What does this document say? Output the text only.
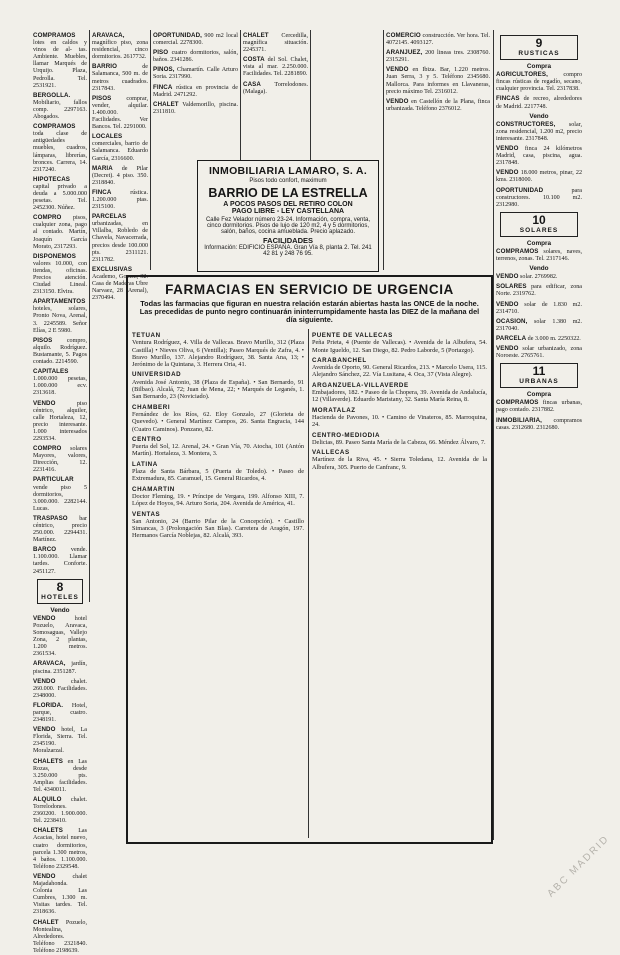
COMPRAMOS lotes en caldos y vinos de al- tas. Ambiente. Muebles, llamar Marqués de Urquijo. Plaza, Pedrolla. Tel. 2531921.

BERGOLLA. Mobiliario, fallos comp. 2297163. Abogados.

COMPRAMOS toda clase de antigüedades muebles, cuadros, lámparas, librerías, bronces. Carrera, 14. 2317240.

HIPOTECAS capital privado a deuda a 5.000.000 pesetas. Tel. 2452300. Núñez.

COMPRO pisos, cualquier zona, pago al contado. Martín, Joaquín García Morato, 2317293.

DISPONEMOS valores 10.000, con tiendas, oficinas. Precios atención. Ciudad Lineal. 2313150. Elvira.

APARTAMENTOS hoteles, solares, Pronto Nova, Arenal, 3. 2245589. Señor Elías, 2 E 5980.

PISOS compro, alquilo. Rodríguez. Bustamante, 5. Pagos contado. 2214590.

CAPITALES 1.000.000 pesetas, 1.000.000 ecv. 2313618.

VENDO piso céntrico, alquiler, calle Hortaleza, 12, precio interesante. 1.000 interesados 2293534.

COMPRO solares Mayores, valores, Dirección, 12. 2231416.

PARTICULAR vende piso 5 dormitorios, 3.000.000. 2282144. Lucas.

TRASPASO bar céntrico, precio 250.000. 2294431. Martínez.

BARCO vende. 1.100.000. Llamar tardes. Conforte. 2451127.

8
HOTELES
Vendo

VENDO hotel Pozuelo, Aravaca, Somosaguas, Vallejo Zona, 2 plantas, 1.200 metros. 2361534.

ARAVACA, jardín, piscina. 2351287.

VENDO chalet. 260.000. Facilidades. 2348000.

FLORIDA. Hotel, parque, cuatro. 2348191.

VENDO hotel, La Florida, Sierra. Tel. 2345190. Moralzarzal.

CHALETS en Las Rozas, desde 3.250.000 pts. Amplias facilidades. Tel. 4340011.

ALQUILO chalet. Torrelodones. 2360200. 1.900.000. Tel. 2238410.

CHALETS Las Acacias, hotel nuevo, cuatro dormitorios, parcela 1.300 metros, 4 baños. 1.100.000. Teléfono 2329548.

VENDO chalet Majadahonda. Colonia Las Cumbres, 1.300 m. Visitas tardes. Tel. 2318636.

CHALET Pozuelo, Montealina, Alrededores. Teléfono 2321840. Teléfono 2198639.

ARAVACA, magnífico piso, zona residencial, cinco dormitorios. 2617732.

BARRIO de Salamanca, 500 m. de metros cuadrados. 2317843.

PISOS comprar, vender, alquilar. 1.400.000. Facilidades. Ver Bancos. Tel. 2291000.

LOCALES comerciales, barrio de Salamanca. Eduardo García, 2316600.

MARIA de Pilar (Decret). 4 piso. 350. 2318840.

FINCA rústica. 1.200.000 ptas. 2315100.

PARCELAS urbanizadas, en Villalba, Robledo de Chavela, Navacerrada, precios desde 100.000 pts. 2311121. 2311782.

EXCLUSIVAS Academo, Gomez, 32. Casa de Maderas Ubre Narvaez, 28 (Arenal), 2370494.

OPORTUNIDAD, 900 m2 local comercial. 2278300.

PISO cuatro dormitorios, salón, baños. 2341286.

PINOS, Chamartín. Calle Arturo Soria. 2317990.

FINCA rústica en provincia de Madrid. 2471292.

CHALET Valdemorillo, piscina. 2311810.

CHALET Cercedilla, magnífica situación. 2245371.

COSTA del Sol. Chalet, vista al mar. 2.250.000. Facilidades. Tel. 2281890.

CASA Torrelodones. (Malaga).

COMERCIO construcción. Ver hora. Tel. 4072145. 4093127.

ARANJUEZ, 200 lineas tres. 2308760. 2315291.

VENDO en Ibiza. Bar, 1.220 metros. Juan Serra, 3 y 5. Teléfono 2345680. Mallorca. Para informes en Llavaneras, precio máximo Tel. 2316012.

VENDO en Castellón de la Plana, finca urbanizada. Teléfono 2376012.

INMOBILIARIA LAMARO, S. A.
Pisos todo confort, maximum
BARRIO DE LA ESTRELLA
A POCOS PASOS DEL RETIRO COLON
PAGO LIBRE - LEY CASTELLANA
Calle Fez Velador número 23-24. Información, compra, venta, cinco dormitorios. Pisos de lujo de 120 m2, 4 y 5 dormitorios, salón, baños, cocina amueblada. Precio aplazado.
FACILIDADES
Información: EDIFICIO ESPAÑA. Gran Vía 8, planta 2. Tel. 241 42 81 y 248 76 95.
FARMACIAS EN SERVICIO DE URGENCIA
Todas las farmacias que figuran en nuestra relación estarán abiertas hasta las ONCE de la noche. Las precedidas de punto negro continuarán ininterrumpidamente hasta las DIEZ de la mañana del día siguiente.
TETUAN
Ventura Rodríguez, 4. Villa de Vallecas. Bravo Murillo, 312 (Plaza Castilla) • Nieves Oliva, 6 (Ventilla); Paseo Marqués de Zafra, 4. • Bravo Murillo, 137. Alejandro Rodríguez, 38. Santa Ana, 13; • Jerónimo de la Quintana, 3. Herrera Oria, 41.
UNIVERSIDAD
Avenida José Antonio, 38 (Plaza de España). • San Bernardo, 91 (Bilbao). Alcalá, 72; Juan de Mena, 22; • Marqués de Leganés, 1. San Bernardo, 23 (Noviciado).
CHAMBERI
Fernández de los Ríos, 62. Eloy Gonzalo, 27 (Glorieta de Quevedo). • General Martínez Campos, 26. Santa Engracia, 144 (Cuatro Caminos). Ponzano, 82.
CENTRO
Puerta del Sol, 12. Arenal, 24. • Gran Vía, 70. Atocha, 101 (Antón Martín). Hortaleza, 3. Montera, 3.
LATINA
Plaza de Santa Bárbara, 5 (Puerta de Toledo). • Paseo de Extremadura, 85. Caramuel, 15. General Ricardos, 4.
CHAMARTIN
Doctor Fleming, 19. • Príncipe de Vergara, 199. Alfonso XIII, 7. López de Hoyos, 94. Arturo Soria, 204. Avenida de América, 41.
VENTAS
San Antonio, 24 (Barrio Pilar de la Concepción). • Castillo Simancas, 3 (Prolongación San Blas). Carretera de Aragón, 197. Hermanos García Noblejas, 82. Alcalá, 393.
PUENTE DE VALLECAS
Peña Prieta, 4 (Puente de Vallecas). • Avenida de la Albufera, 54. Monte Igueldo, 12. San Diego, 82. Pedro Laborde, 5 (Portazgo).
CARABANCHEL
Avenida de Oporto, 90. General Ricardos, 213. • Marcelo Usera, 115. Alejandro Sánchez, 22. Vía Lusitana, 4. Oca, 37 (Vista Alegre).
ARGANZUELA-VILLAVERDE
Embajadores, 182. • Paseo de la Chopera, 39. Avenida de Andalucía, 12 (Villaverde). Eduardo Maristany, 32. Santa María Reina, 8.
MORATALAZ
Hacienda de Pavones, 10. • Camino de Vinateros, 85. Marroquina, 24.
CENTRO-MEDIODIA
Delicias, 89. Paseo Santa María de la Cabeza, 66. Méndez Álvaro, 7.
VALLECAS
Martínez de la Riva, 45. • Sierra Toledana, 12. Avenida de la Albufera, 305. Puerto de Canfranc, 9.
9
RUSTICAS
Compra

AGRICULTORES, compro fincas rústicas de regadío, secano, cualquier provincia. Tel. 2317838.

FINCAS de recreo, alrededores de Madrid. 2217748.

Vendo

CONSTRUCTORES, solar, zona residencial, 1.200 m2, precio interesante. 2317848.

VENDO finca 24 kilómetros Madrid, casa, piscina, agua. 2317848.

VENDO 18.000 metros, pinar, 22 kms. 2318000.

OPORTUNIDAD para constructores. 10.100 m2. 2312980.

10
SOLARES
Compra

COMPRAMOS solares, naves, terrenos, zonas. Tel. 2317146.

Vendo

VENDO solar. 2769982.

SOLARES para edificar, zona Norte. 2319762.

VENDO solar de 1.830 m2. 2314710.

OCASION, solar 1.380 m2. 2317040.

PARCELA de 3.000 m. 2250322.

VENDO solar urbanizado, zona Noroeste. 2765761.

11
URBANAS
Compra

COMPRAMOS fincas urbanas, pago contado. 2317882.

INMOBILIARIA, compramos casas. 2312680. 2312680.

ABC MADRID
